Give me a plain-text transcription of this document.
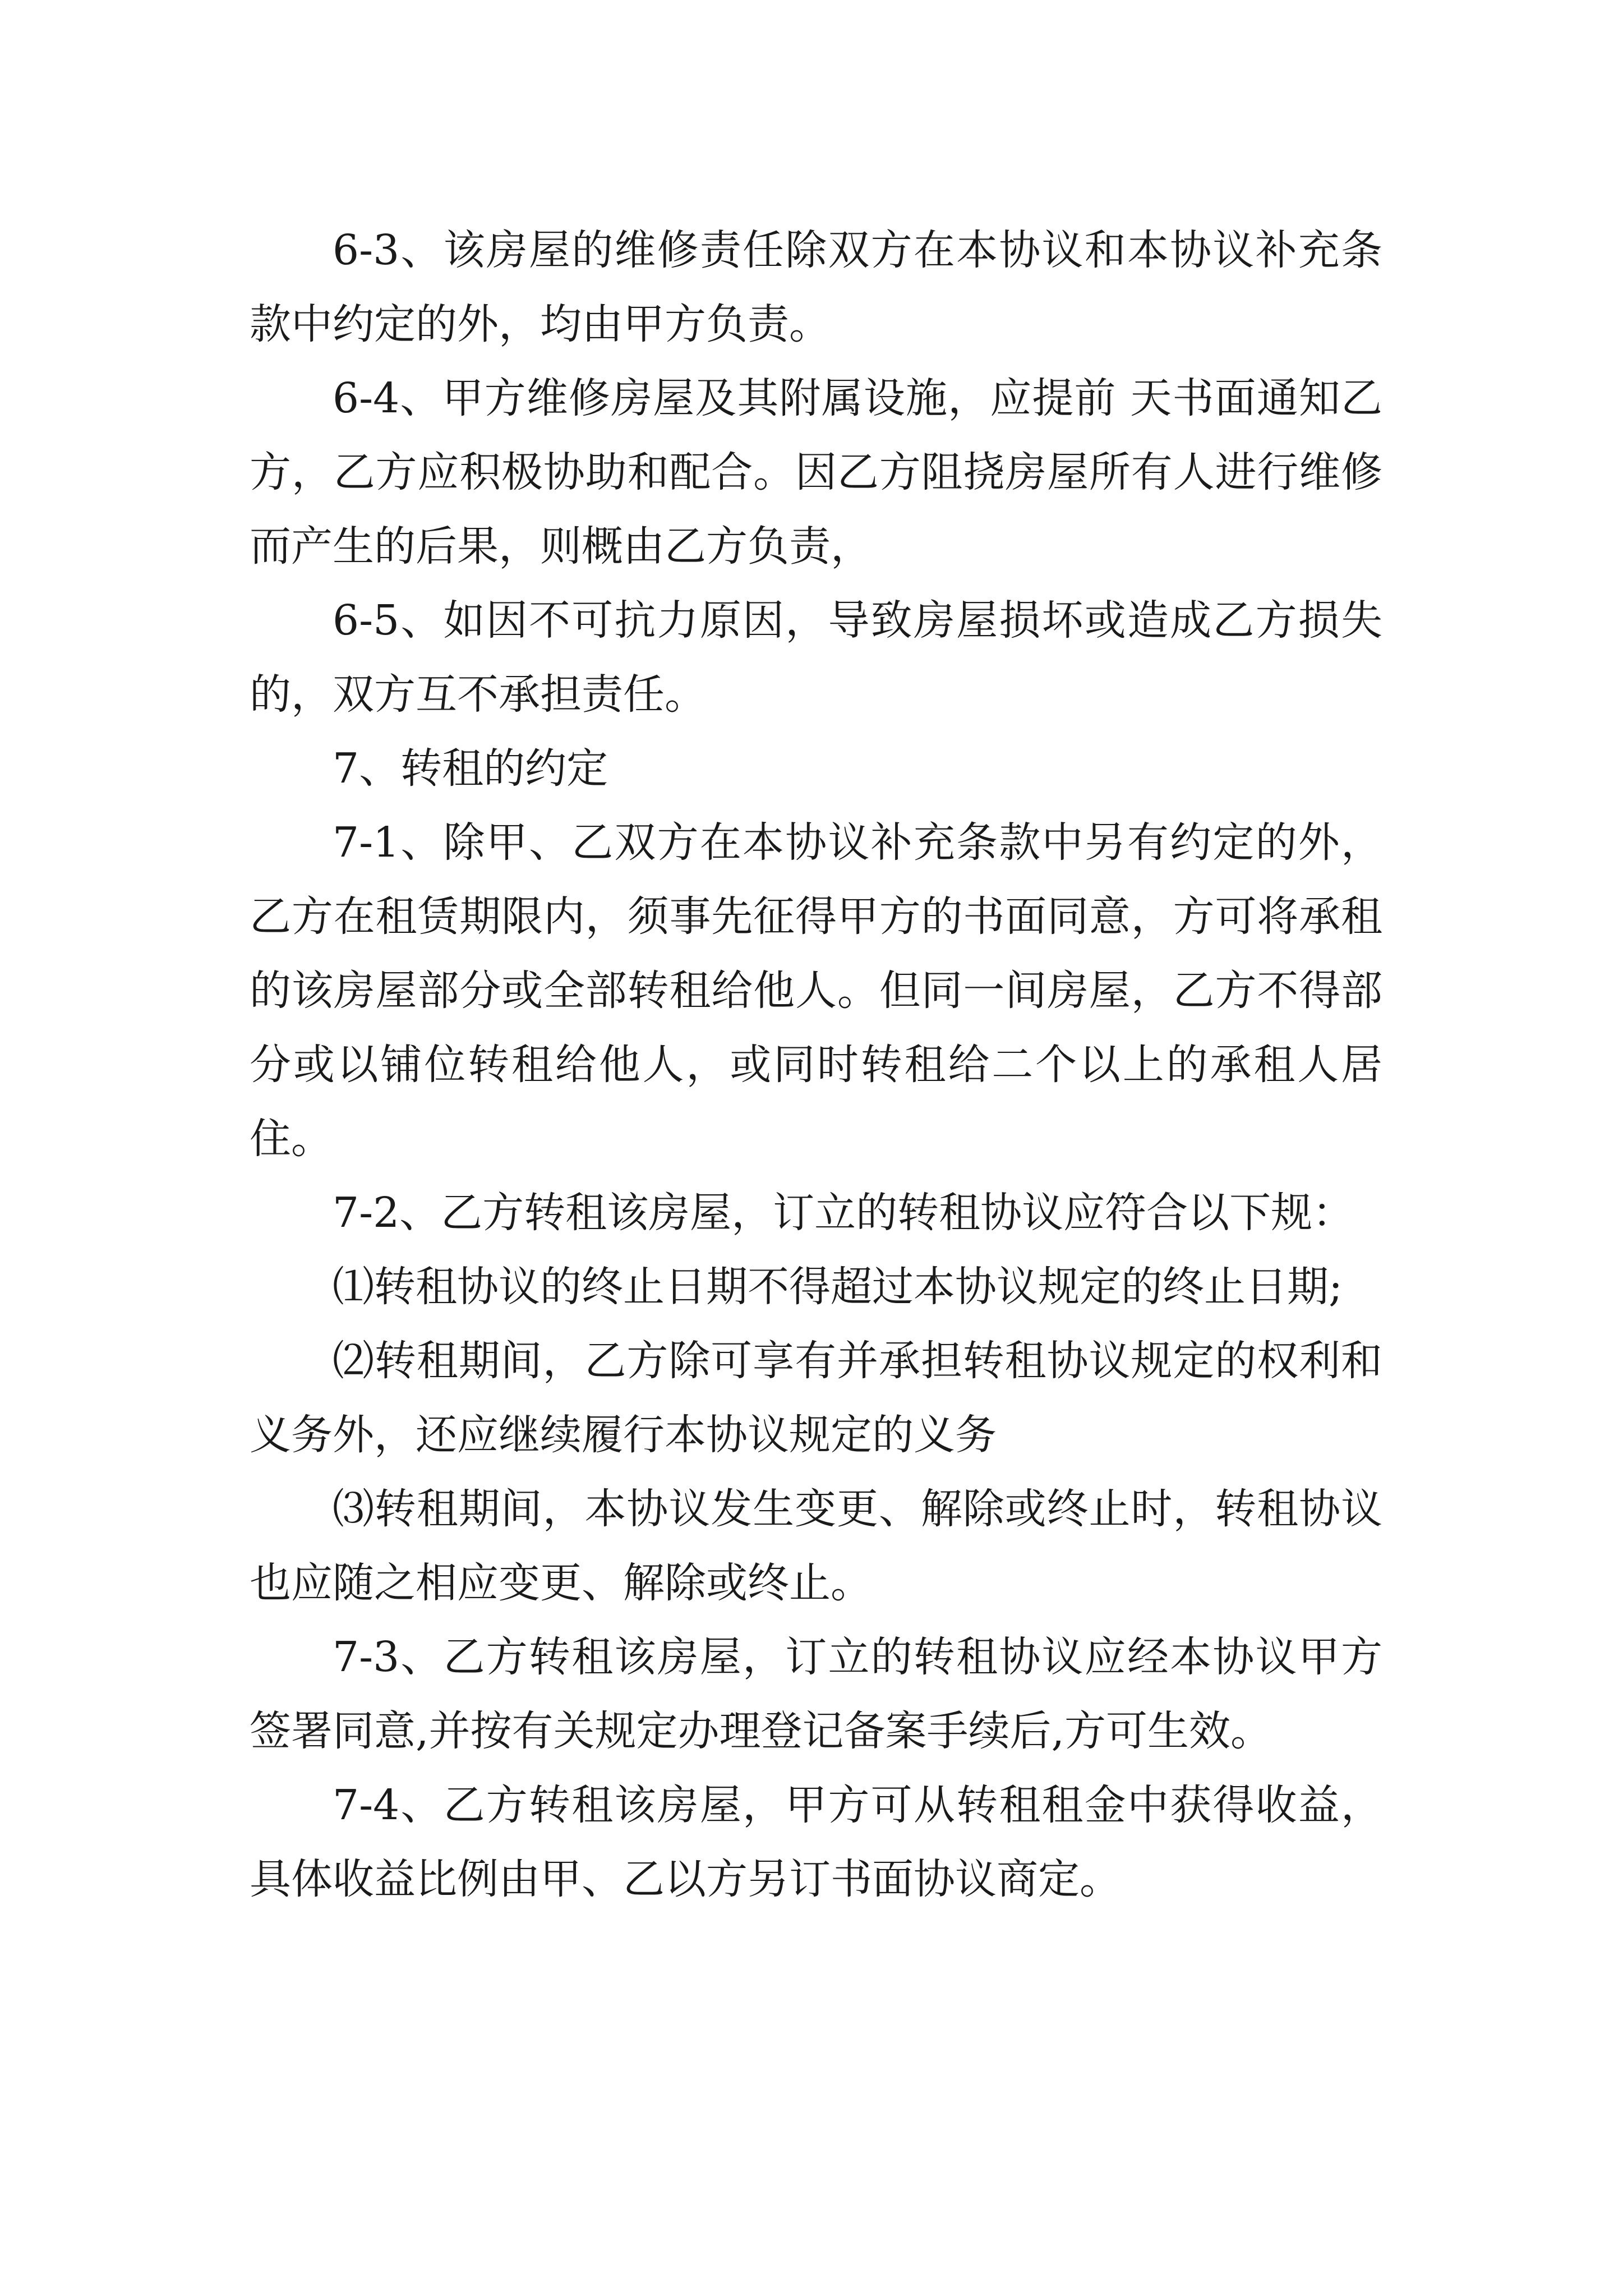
6-3、该房屋的维修责任除双方在本协议和本协议补充条款中约定的外，均由甲方负责。

6-4、甲方维修房屋及其附属设施，应提前 天书面通知乙方，乙方应积极协助和配合。因乙方阻挠房屋所有人进行维修而产生的后果，则概由乙方负责，

6-5、如因不可抗力原因，导致房屋损坏或造成乙方损失的，双方互不承担责任。

7、转租的约定

7-1、除甲、乙双方在本协议补充条款中另有约定的外，乙方在租赁期限内，须事先征得甲方的书面同意，方可将承租的该房屋部分或全部转租给他人。但同一间房屋，乙方不得部分或以铺位转租给他人，或同时转租给二个以上的承租人居住。

7-2、乙方转租该房屋，订立的转租协议应符合以下规：

⑴转租协议的终止日期不得超过本协议规定的终止日期;

⑵转租期间，乙方除可享有并承担转租协议规定的权利和义务外，还应继续履行本协议规定的义务

⑶转租期间，本协议发生变更、解除或终止时，转租协议也应随之相应变更、解除或终止。

7-3、乙方转租该房屋，订立的转租协议应经本协议甲方签署同意,并按有关规定办理登记备案手续后,方可生效。

7-4、乙方转租该房屋，甲方可从转租租金中获得收益，具体收益比例由甲、乙以方另订书面协议商定。
